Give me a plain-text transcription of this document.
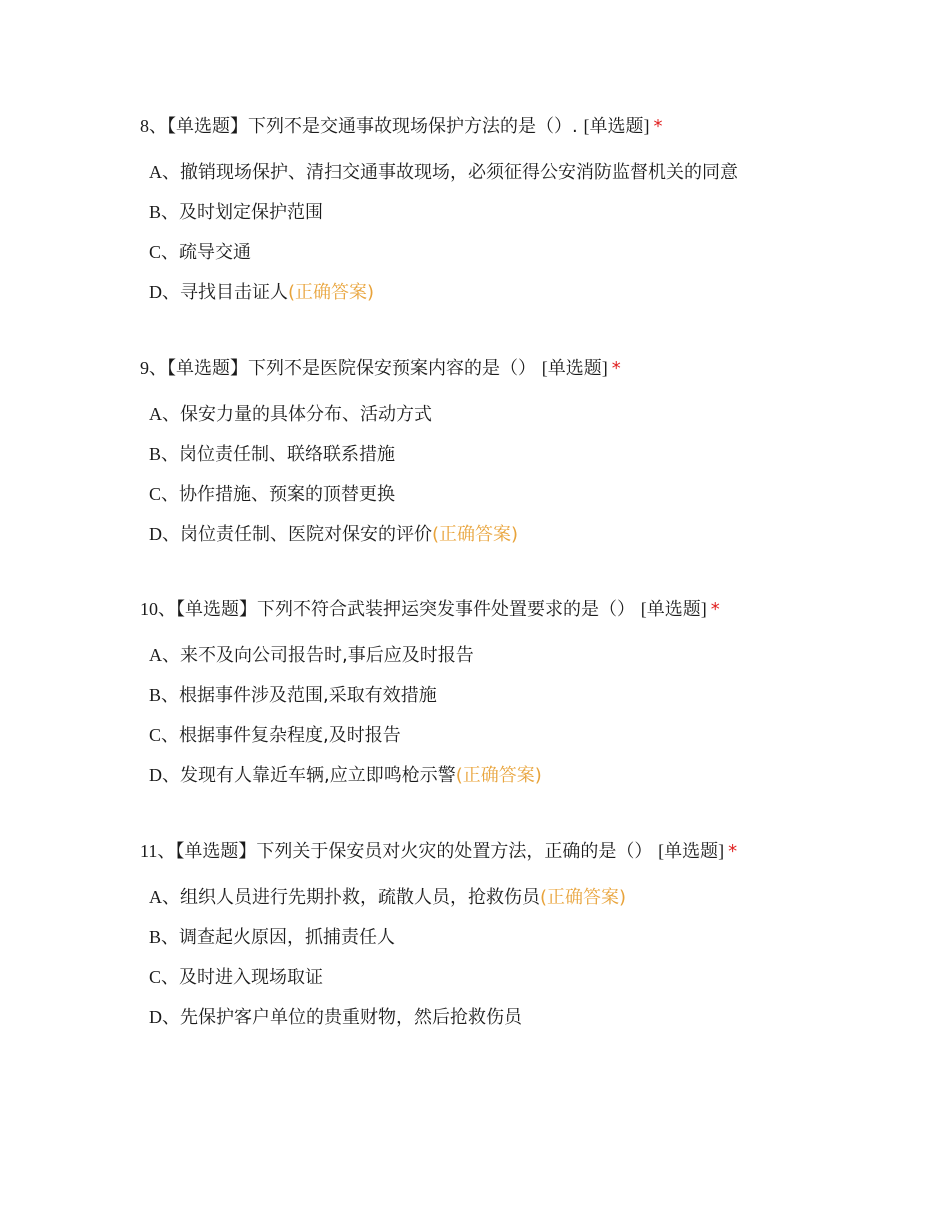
8、【单选题】下列不是交通事故现场保护方法的是（）. [单选题] *
A、撤销现场保护、清扫交通事故现场，必须征得公安消防监督机关的同意
B、及时划定保护范围
C、疏导交通
D、寻找目击证人(正确答案)
9、【单选题】下列不是医院保安预案内容的是（） [单选题] *
A、保安力量的具体分布、活动方式
B、岗位责任制、联络联系措施
C、协作措施、预案的顶替更换
D、岗位责任制、医院对保安的评价(正确答案)
10、【单选题】下列不符合武装押运突发事件处置要求的是（） [单选题] *
A、来不及向公司报告时,事后应及时报告
B、根据事件涉及范围,采取有效措施
C、根据事件复杂程度,及时报告
D、发现有人靠近车辆,应立即鸣枪示警(正确答案)
11、【单选题】下列关于保安员对火灾的处置方法，正确的是（） [单选题] *
A、组织人员进行先期扑救，疏散人员，抢救伤员(正确答案)
B、调查起火原因，抓捕责任人
C、及时进入现场取证
D、先保护客户单位的贵重财物，然后抢救伤员
